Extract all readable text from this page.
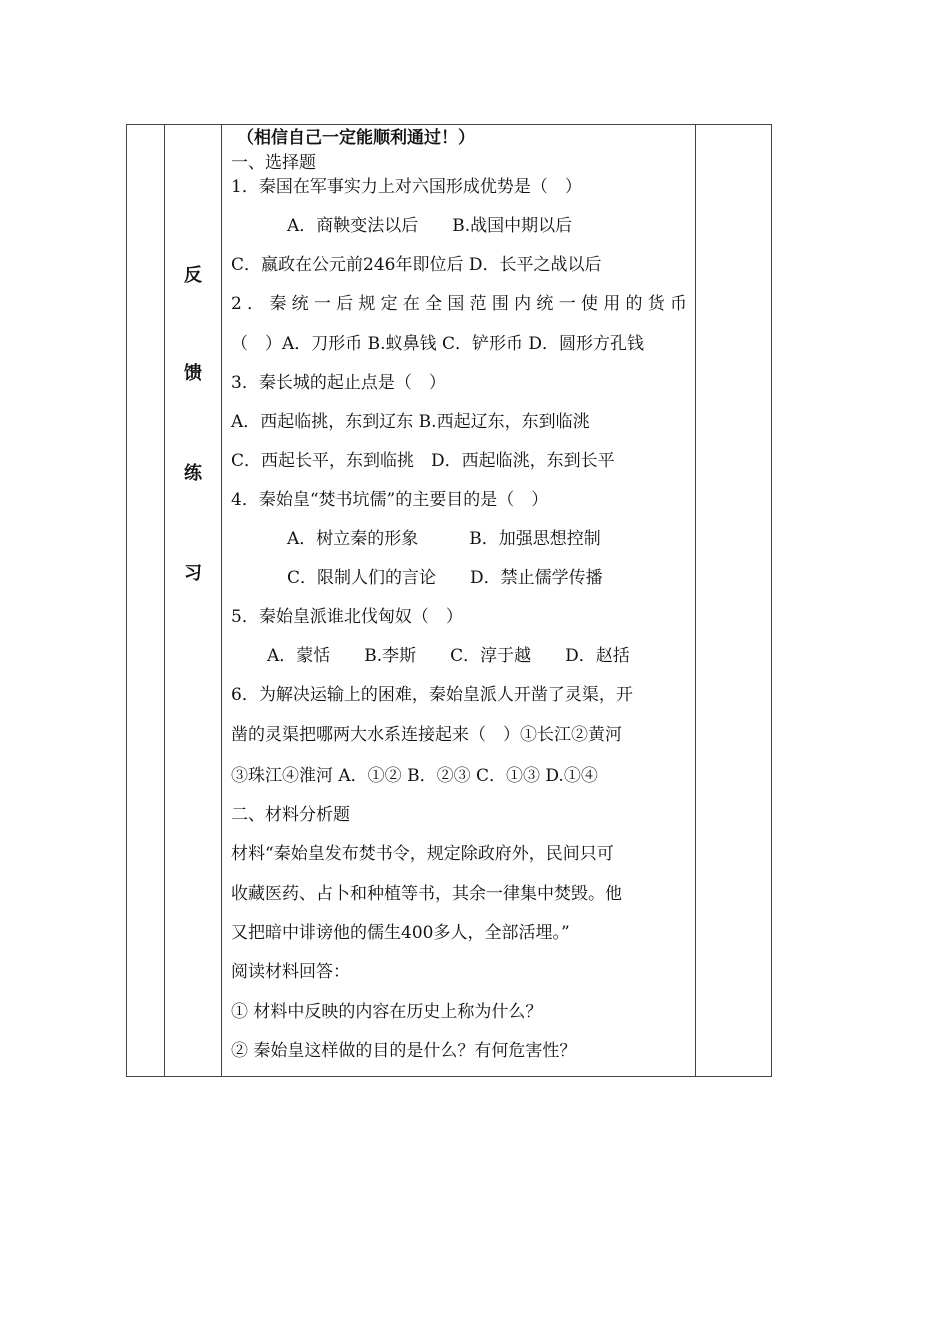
反
馈
练
习
（相信自己一定能顺利通过！）
一、选择题
1．秦国在军事实力上对六国形成优势是（　）
A．商鞅变法以后　　B.战国中期以后
C．嬴政在公元前246年即位后 D．长平之战以后
2．秦统一后规定在全国范围内统一使用的货币
（　）A．刀形币 B.蚁鼻钱 C．铲形币 D．圆形方孔钱
3．秦长城的起止点是（　）
A．西起临挑，东到辽东 B.西起辽东，东到临洮
C．西起长平，东到临挑　D．西起临洮，东到长平
4．秦始皇“焚书坑儒”的主要目的是（　）
A．树立秦的形象　　　B．加强思想控制
C．限制人们的言论　　D．禁止儒学传播
5．秦始皇派谁北伐匈奴（　）
A．蒙恬　　B.李斯　　C．淳于越　　D．赵括
6．为解决运输上的困难，秦始皇派人开凿了灵渠，开
凿的灵渠把哪两大水系连接起来（　）①长江②黄河
③珠江④淮河 A．①② B．②③ C．①③ D.①④
二、材料分析题
材料“秦始皇发布焚书令，规定除政府外，民间只可
收藏医药、占卜和种植等书，其余一律集中焚毁。他
又把暗中诽谤他的儒生400多人，全部活埋。”
阅读材料回答：
① 材料中反映的内容在历史上称为什么？
② 秦始皇这样做的目的是什么？有何危害性？
